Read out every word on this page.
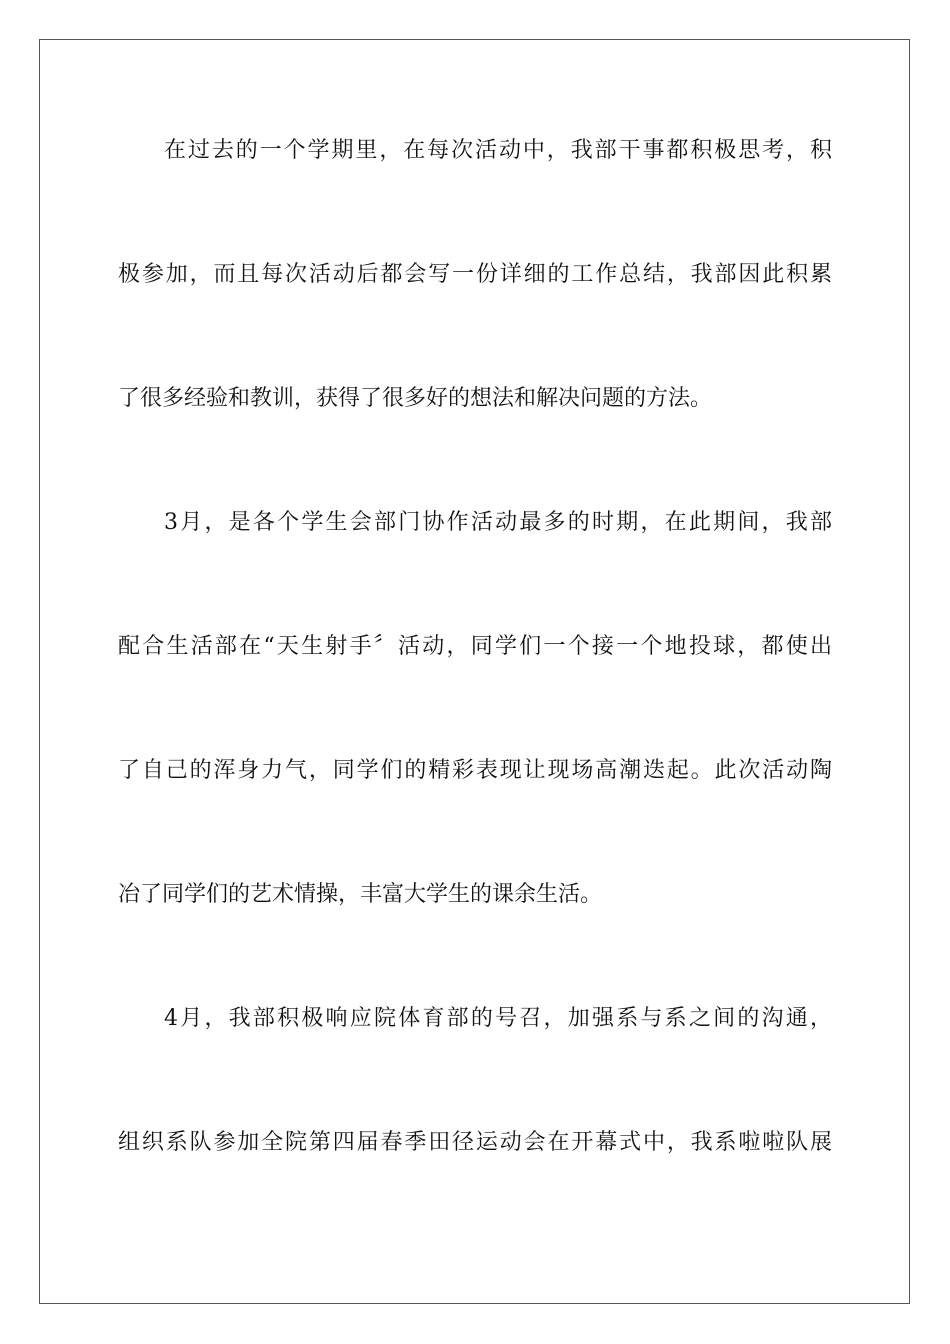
在过去的一个学期里，在每次活动中，我部干事都积极思考，积
极参加，而且每次活动后都会写一份详细的工作总结，我部因此积累
了很多经验和教训，获得了很多好的想法和解决问题的方法。
3月，是各个学生会部门协作活动最多的时期，在此期间，我部
配合生活部在“天生射手〞活动，同学们一个接一个地投球，都使出
了自己的浑身力气，同学们的精彩表现让现场高潮迭起。此次活动陶
冶了同学们的艺术情操，丰富大学生的课余生活。
4月，我部积极响应院体育部的号召，加强系与系之间的沟通，
组织系队参加全院第四届春季田径运动会在开幕式中，我系啦啦队展
